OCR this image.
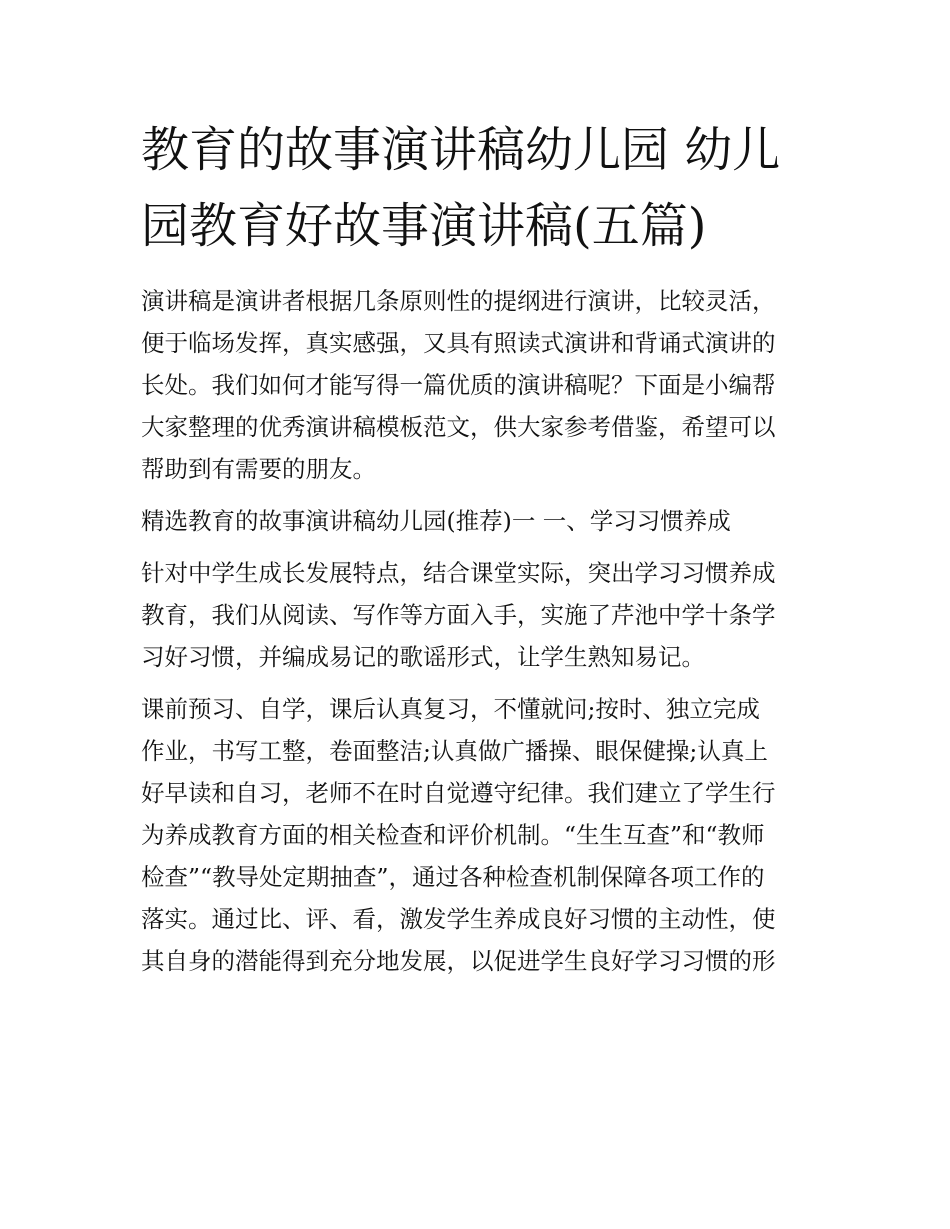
教育的故事演讲稿幼儿园 幼儿
园教育好故事演讲稿(五篇)

演讲稿是演讲者根据几条原则性的提纲进行演讲，比较灵活，
便于临场发挥，真实感强，又具有照读式演讲和背诵式演讲的
长处。我们如何才能写得一篇优质的演讲稿呢？下面是小编帮
大家整理的优秀演讲稿模板范文，供大家参考借鉴，希望可以
帮助到有需要的朋友。

精选教育的故事演讲稿幼儿园(推荐)一 一、学习习惯养成

针对中学生成长发展特点，结合课堂实际，突出学习习惯养成
教育，我们从阅读、写作等方面入手，实施了芹池中学十条学
习好习惯，并编成易记的歌谣形式，让学生熟知易记。

课前预习、自学，课后认真复习，不懂就问;按时、独立完成
作业，书写工整，卷面整洁;认真做广播操、眼保健操;认真上
好早读和自习，老师不在时自觉遵守纪律。我们建立了学生行
为养成教育方面的相关检查和评价机制。“生生互查”和“教师
检查”“教导处定期抽查”，通过各种检查机制保障各项工作的
落实。通过比、评、看，激发学生养成良好习惯的主动性，使
其自身的潜能得到充分地发展，以促进学生良好学习习惯的形
